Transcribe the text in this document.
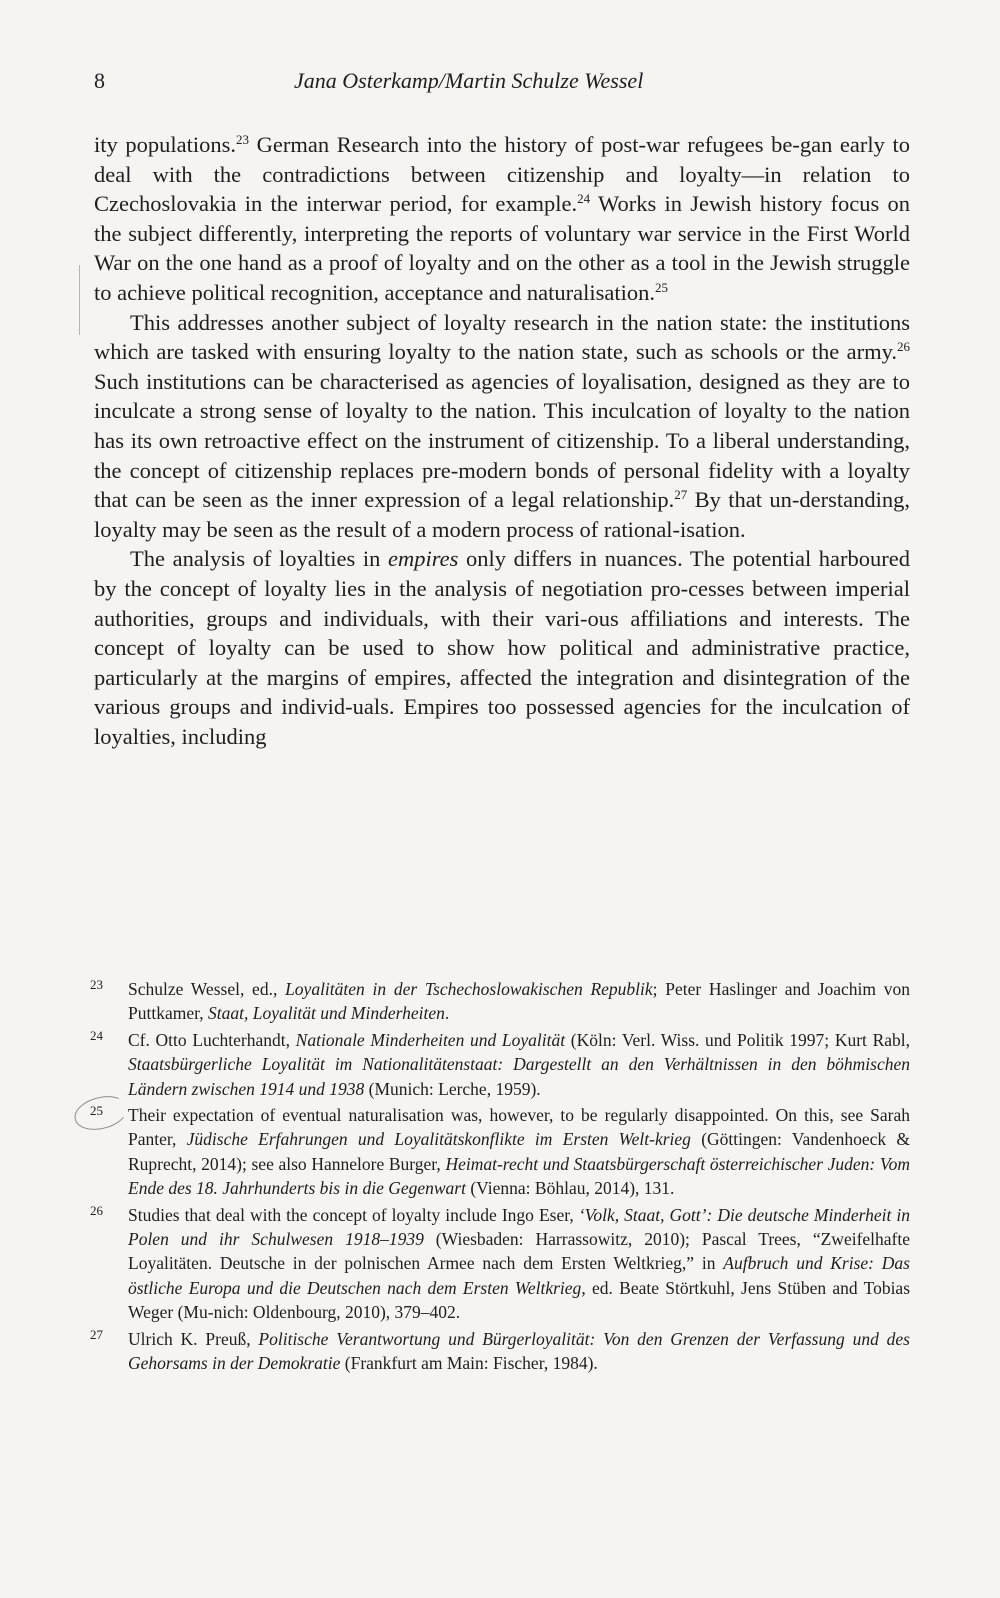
8	Jana Osterkamp/Martin Schulze Wessel

ity populations.$^{23}$ German Research into the history of post-war refugees be-gan early to deal with the contradictions between citizenship and loyalty—in relation to Czechoslovakia in the interwar period, for example.$^{24}$ Works in Jewish history focus on the subject differently, interpreting the reports of voluntary war service in the First World War on the one hand as a proof of loyalty and on the other as a tool in the Jewish struggle to achieve political recognition, acceptance and naturalisation.$^{25}$

This addresses another subject of loyalty research in the nation state: the institutions which are tasked with ensuring loyalty to the nation state, such as schools or the army.$^{26}$ Such institutions can be characterised as agencies of loyalisation, designed as they are to inculcate a strong sense of loyalty to the nation. This inculcation of loyalty to the nation has its own retroactive effect on the instrument of citizenship. To a liberal understanding, the concept of citizenship replaces pre-modern bonds of personal fidelity with a loyalty that can be seen as the inner expression of a legal relationship.$^{27}$ By that un-derstanding, loyalty may be seen as the result of a modern process of rational-isation.

The analysis of loyalties in empires only differs in nuances. The potential harboured by the concept of loyalty lies in the analysis of negotiation pro-cesses between imperial authorities, groups and individuals, with their vari-ous affiliations and interests. The concept of loyalty can be used to show how political and administrative practice, particularly at the margins of empires, affected the integration and disintegration of the various groups and individ-uals. Empires too possessed agencies for the inculcation of loyalties, including

23 Schulze Wessel, ed., Loyalitäten in der Tschechoslowakischen Republik; Peter Haslinger and Joachim von Puttkamer, Staat, Loyalität und Minderheiten.
24 Cf. Otto Luchterhandt, Nationale Minderheiten und Loyalität (Köln: Verl. Wiss. und Politik 1997; Kurt Rabl, Staatsbürgerliche Loyalität im Nationalitätenstaat: Dargestellt an den Verhältnissen in den böhmischen Ländern zwischen 1914 und 1938 (Munich: Lerche, 1959).
25 Their expectation of eventual naturalisation was, however, to be regularly disappointed. On this, see Sarah Panter, Jüdische Erfahrungen und Loyalitätskonflikte im Ersten Welt-krieg (Göttingen: Vandenhoeck & Ruprecht, 2014); see also Hannelore Burger, Heimat-recht und Staatsbürgerschaft österreichischer Juden: Vom Ende des 18. Jahrhunderts bis in die Gegenwart (Vienna: Böhlau, 2014), 131.
26 Studies that deal with the concept of loyalty include Ingo Eser, ‘Volk, Staat, Gott’: Die deutsche Minderheit in Polen und ihr Schulwesen 1918–1939 (Wiesbaden: Harrassowitz, 2010); Pascal Trees, “Zweifelhafte Loyalitäten. Deutsche in der polnischen Armee nach dem Ersten Weltkrieg,” in Aufbruch und Krise: Das östliche Europa und die Deutschen nach dem Ersten Weltkrieg, ed. Beate Störtkuhl, Jens Stüben and Tobias Weger (Mu-nich: Oldenbourg, 2010), 379–402.
27 Ulrich K. Preuß, Politische Verantwortung und Bürgerloyalität: Von den Grenzen der Verfassung und des Gehorsams in der Demokratie (Frankfurt am Main: Fischer, 1984).
